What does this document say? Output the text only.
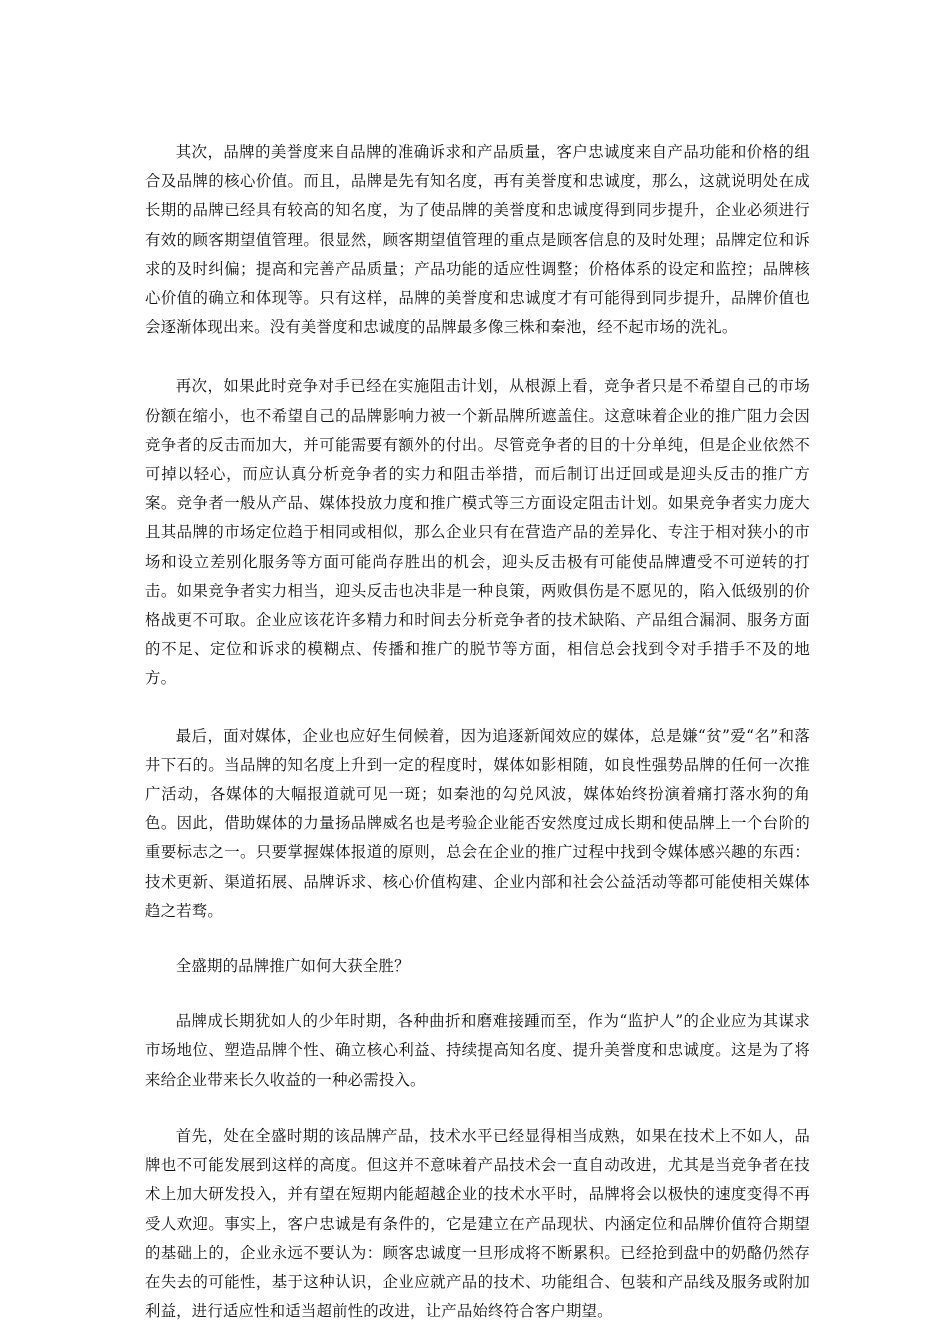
其次，品牌的美誉度来自品牌的准确诉求和产品质量，客户忠诚度来自产品功能和价格的组合及品牌的核心价值。而且，品牌是先有知名度，再有美誉度和忠诚度，那么，这就说明处在成长期的品牌已经具有较高的知名度，为了使品牌的美誉度和忠诚度得到同步提升，企业必须进行有效的顾客期望值管理。很显然，顾客期望值管理的重点是顾客信息的及时处理；品牌定位和诉求的及时纠偏；提高和完善产品质量；产品功能的适应性调整；价格体系的设定和监控；品牌核心价值的确立和体现等。只有这样，品牌的美誉度和忠诚度才有可能得到同步提升，品牌价值也会逐渐体现出来。没有美誉度和忠诚度的品牌最多像三株和秦池，经不起市场的洗礼。

再次，如果此时竞争对手已经在实施阻击计划，从根源上看，竞争者只是不希望自己的市场份额在缩小，也不希望自己的品牌影响力被一个新品牌所遮盖住。这意味着企业的推广阻力会因竞争者的反击而加大，并可能需要有额外的付出。尽管竞争者的目的十分单纯，但是企业依然不可掉以轻心，而应认真分析竞争者的实力和阻击举措，而后制订出迂回或是迎头反击的推广方案。竞争者一般从产品、媒体投放力度和推广模式等三方面设定阻击计划。如果竞争者实力庞大且其品牌的市场定位趋于相同或相似，那么企业只有在营造产品的差异化、专注于相对狭小的市场和设立差别化服务等方面可能尚存胜出的机会，迎头反击极有可能使品牌遭受不可逆转的打击。如果竞争者实力相当，迎头反击也决非是一种良策，两败俱伤是不愿见的，陷入低级别的价格战更不可取。企业应该花许多精力和时间去分析竞争者的技术缺陷、产品组合漏洞、服务方面的不足、定位和诉求的模糊点、传播和推广的脱节等方面，相信总会找到令对手措手不及的地方。

最后，面对媒体，企业也应好生伺候着，因为追逐新闻效应的媒体，总是嫌“贫”爱“名”和落井下石的。当品牌的知名度上升到一定的程度时，媒体如影相随，如良性强势品牌的任何一次推广活动，各媒体的大幅报道就可见一斑；如秦池的勾兑风波，媒体始终扮演着痛打落水狗的角色。因此，借助媒体的力量扬品牌威名也是考验企业能否安然度过成长期和使品牌上一个台阶的重要标志之一。只要掌握媒体报道的原则，总会在企业的推广过程中找到令媒体感兴趣的东西：技术更新、渠道拓展、品牌诉求、核心价值构建、企业内部和社会公益活动等都可能使相关媒体趋之若骛。

全盛期的品牌推广如何大获全胜？

品牌成长期犹如人的少年时期，各种曲折和磨难接踵而至，作为“监护人”的企业应为其谋求市场地位、塑造品牌个性、确立核心利益、持续提高知名度、提升美誉度和忠诚度。这是为了将来给企业带来长久收益的一种必需投入。

首先，处在全盛时期的该品牌产品，技术水平已经显得相当成熟，如果在技术上不如人，品牌也不可能发展到这样的高度。但这并不意味着产品技术会一直自动改进，尤其是当竞争者在技术上加大研发投入，并有望在短期内能超越企业的技术水平时，品牌将会以极快的速度变得不再受人欢迎。事实上，客户忠诚是有条件的，它是建立在产品现状、内涵定位和品牌价值符合期望的基础上的，企业永远不要认为：顾客忠诚度一旦形成将不断累积。已经抢到盘中的奶酪仍然存在失去的可能性，基于这种认识，企业应就产品的技术、功能组合、包装和产品线及服务或附加利益，进行适应性和适当超前性的改进，让产品始终符合客户期望。
